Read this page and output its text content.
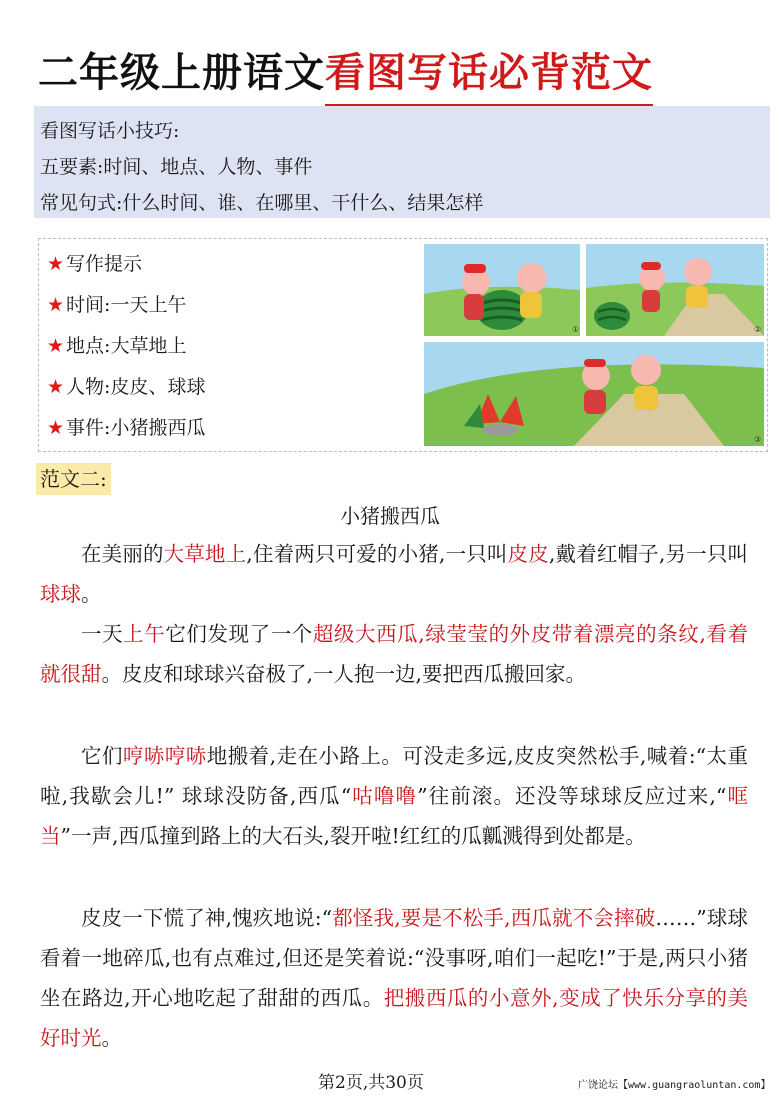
二年级上册语文 看图写话必背范文
看图写话小技巧:
五要素:时间、地点、人物、事件
常见句式:什么时间、谁、在哪里、干什么、结果怎样
★ 写作提示
★ 时间:一天上午
★ 地点:大草地上
★ 人物:皮皮、球球
★ 事件:小猪搬西瓜
①	②
③
范文二:
小猪搬西瓜

在美丽的大草地上,住着两只可爱的小猪,一只叫皮皮,戴着红帽子,另一只叫球球。

一天上午它们发现了一个超级大西瓜,绿莹莹的外皮带着漂亮的条纹,看着就很甜。皮皮和球球兴奋极了,一人抱一边,要把西瓜搬回家。

它们哼哧哼哧地搬着,走在小路上。可没走多远,皮皮突然松手,喊着:“太重啦,我歇会儿!” 球球没防备,西瓜“咕噜噜”往前滚。还没等球球反应过来,“哐当”一声,西瓜撞到路上的大石头,裂开啦!红红的瓜瓤溅得到处都是。

皮皮一下慌了神,愧疚地说:“都怪我,要是不松手,西瓜就不会摔破……”球球看着一地碎瓜,也有点难过,但还是笑着说:“没事呀,咱们一起吃!”于是,两只小猪坐在路边,开心地吃起了甜甜的西瓜。把搬西瓜的小意外,变成了快乐分享的美好时光。

第2页,共30页	广饶论坛【www.guangraoluntan.com】
